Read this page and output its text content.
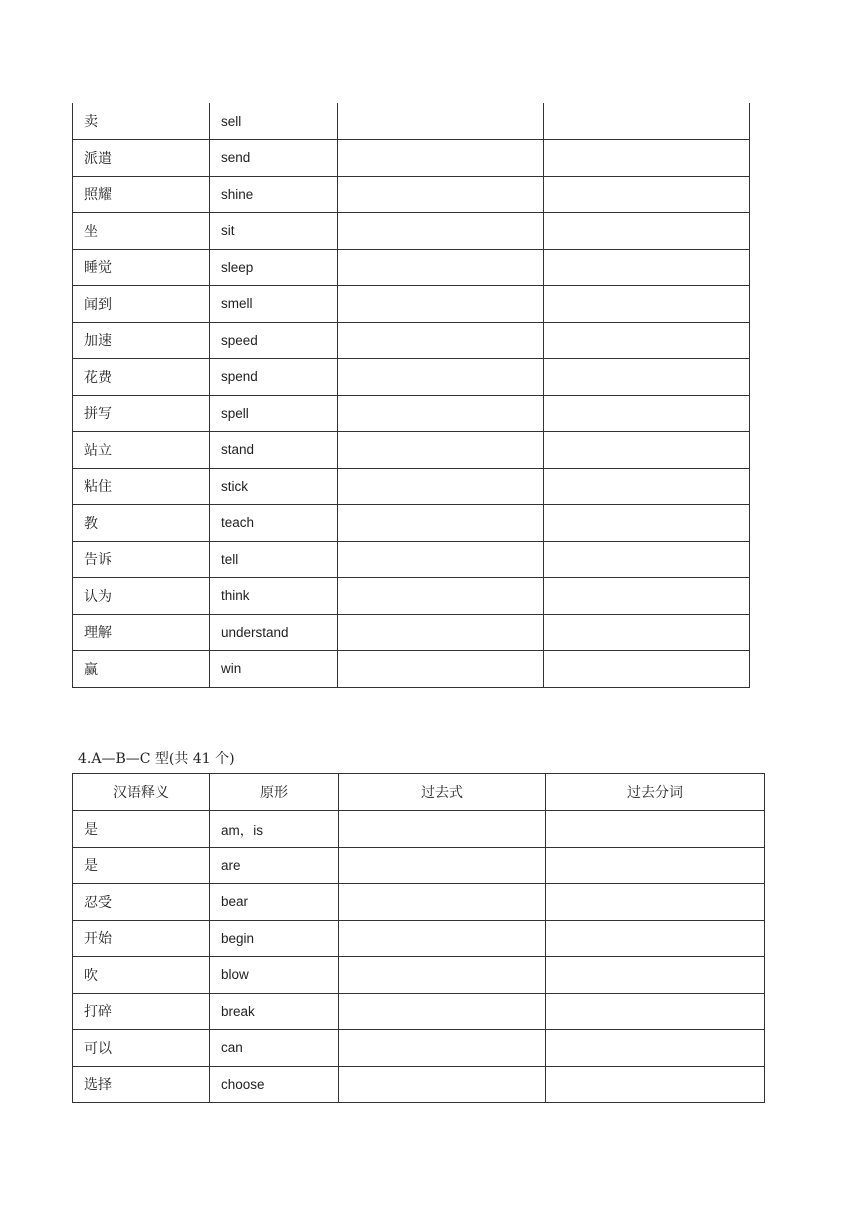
卖	sell		
派遣	send		
照耀	shine		
坐	sit		
睡觉	sleep		
闻到	smell		
加速	speed		
花费	spend		
拼写	spell		
站立	stand		
粘住	stick		
教	teach		
告诉	tell		
认为	think		
理解	understand		
赢	win		
4.A—B—C 型(共 41 个)
汉语释义	原形	过去式	过去分词
是	am，is		
是	are		
忍受	bear		
开始	begin		
吹	blow		
打碎	break		
可以	can		
选择	choose		
